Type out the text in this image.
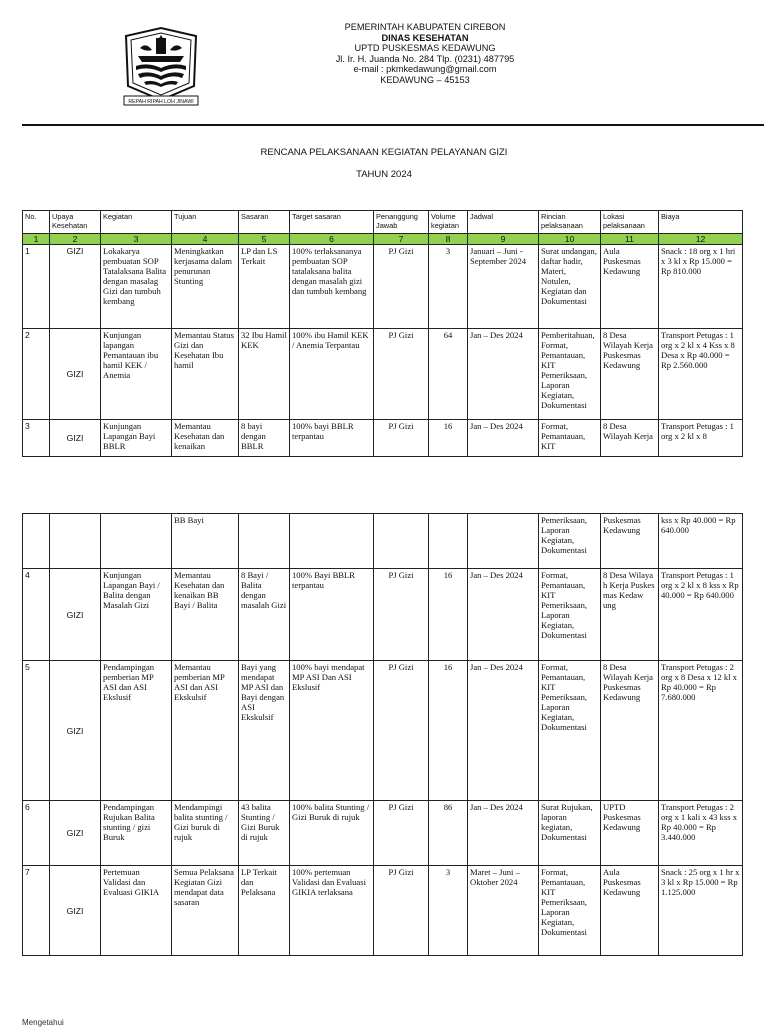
REPAH RIPAH LOH JINAWI
PEMERINTAH KABUPATEN CIREBON
DINAS KESEHATAN
UPTD PUSKESMAS KEDAWUNG
Jl. Ir. H. Juanda No. 284 Tlp. (0231) 487795
e-mail : pkmkedawung@gmail.com
KEDAWUNG – 45153
RENCANA PELAKSANAAN KEGIATAN PELAYANAN GIZI
TAHUN 2024
No.	Upaya Kesehatan	Kegiatan	Tujuan	Sasaran	Target sasaran	Penanggung Jawab	Volume kegiatan	Jadwal	Rincian pelaksanaan	Lokasi pelaksanaan	Biaya
1	2	3	4	5	6	7	8	9	10	11	12
1	GIZI	Lokakarya pembuatan SOP Tatalaksana Balita dengan masalag Gizi dan tumbuh kembang	Meningkatkan kerjasama dalam penurunan Stunting	LP dan LS Terkait	100% terlaksananya pembuatan SOP tatalaksana balita dengan masalah gizi dan tumbuh kembang	PJ Gizi	3	Januari – Juni - September 2024	Surat undangan, daftar hadir, Materi, Notulen, Kegiatan dan Dokumentasi	Aula Puskesmas Kedawung	Snack : 18 org x 1 hri x 3 kl x Rp 15.000 = Rp 810.000
2	GIZI	Kunjungan lapangan Pemantauan ibu hamil KEK / Anemia	Memantau Status Gizi dan Kesehatan Ibu hamil	32 Ibu Hamil KEK	100% ibu Hamil KEK / Anemia Terpantau	PJ Gizi	64	Jan – Des 2024	Pemberitahuan, Format, Pemantauan, KIT Pemeriksaan, Laporan Kegiatan, Dokumentasi	8 Desa Wilayah Kerja Puskesmas Kedawung	Transport Petugas : 1 org x 2 kl x 4 Kss x 8 Desa x Rp 40.000 = Rp 2.560.000
3	GIZI	Kunjungan Lapangan Bayi BBLR	Memantau Kesehatan dan kenaikan	8 bayi dengan BBLR	100% bayi BBLR terpantau	PJ Gizi	16	Jan – Des 2024	Format, Pemantauan, KIT	8 Desa Wilayah Kerja	Transport Petugas : 1 org x 2 kl x 8
			BB Bayi						Pemeriksaan, Laporan Kegiatan, Dokumentasi	Puskesmas Kedawung	kss x Rp 40.000 = Rp 640.000
4	GIZI	Kunjungan Lapangan Bayi / Balita dengan Masalah Gizi	Memantau Kesehatan dan kenaikan BB Bayi / Balita	8 Bayi / Balita dengan masalah Gizi	100% Bayi BBLR terpantau	PJ Gizi	16	Jan – Des 2024	Format, Pemantauan, KIT Pemeriksaan, Laporan Kegiatan, Dokumentasi	8 Desa Wilaya h Kerja Puskes mas Kedaw ung	Transport Petugas : 1 org x 2 kl x 8 kss x Rp 40.000 = Rp 640.000
5	GIZI	Pendampingan pemberian MP ASI dan ASI Ekslusif	Memantau pemberian MP ASI dan ASI Ekskulsif	Bayi yang mendapat MP ASI dan Bayi dengan ASI Ekskulsif	100% bayi mendapat MP ASI Dan ASI Ekslusif	PJ Gizi	16	Jan – Des 2024	Format, Pemantauan, KIT Pemeriksaan, Laporan Kegiatan, Dokumentasi	8 Desa Wilayah Kerja Puskesmas Kedawung	Transport Petugas : 2 org x 8 Desa x 12 kl x Rp 40.000 = Rp 7.680.000
6	GIZI	Pendampingan Rujukan Balita stunting / gizi Buruk	Mendampingi balita stunting / Gizi buruk di rujuk	43 balita Stunting / Gizi Buruk di rujuk	100% balita Stunting / Gizi Buruk di rujuk	PJ Gizi	86	Jan – Des 2024	Surat Rujukan, laporan kegiatan, Dokumentasi	UPTD Puskesmas Kedawung	Transport Petugas : 2 org x 1 kali x 43 kss x Rp 40.000 = Rp 3.440.000
7	GIZI	Pertemuan Validasi dan Evaluasi GIKIA	Semua Pelaksana Kegiatan Gizi mendapat data sasaran	LP Terkait dan Pelaksana	100% pertemuan Validasi dan Evaluasi GIKIA terlaksana	PJ Gizi	3	Maret – Juni – Oktober 2024	Format, Pemantauan, KIT Pemeriksaan, Laporan Kegiatan, Dokumentasi	Aula Puskesmas Kedawung	Snack : 25 org x 1 hr x 3 kl x Rp 15.000 = Rp 1.125.000
Mengetahui
